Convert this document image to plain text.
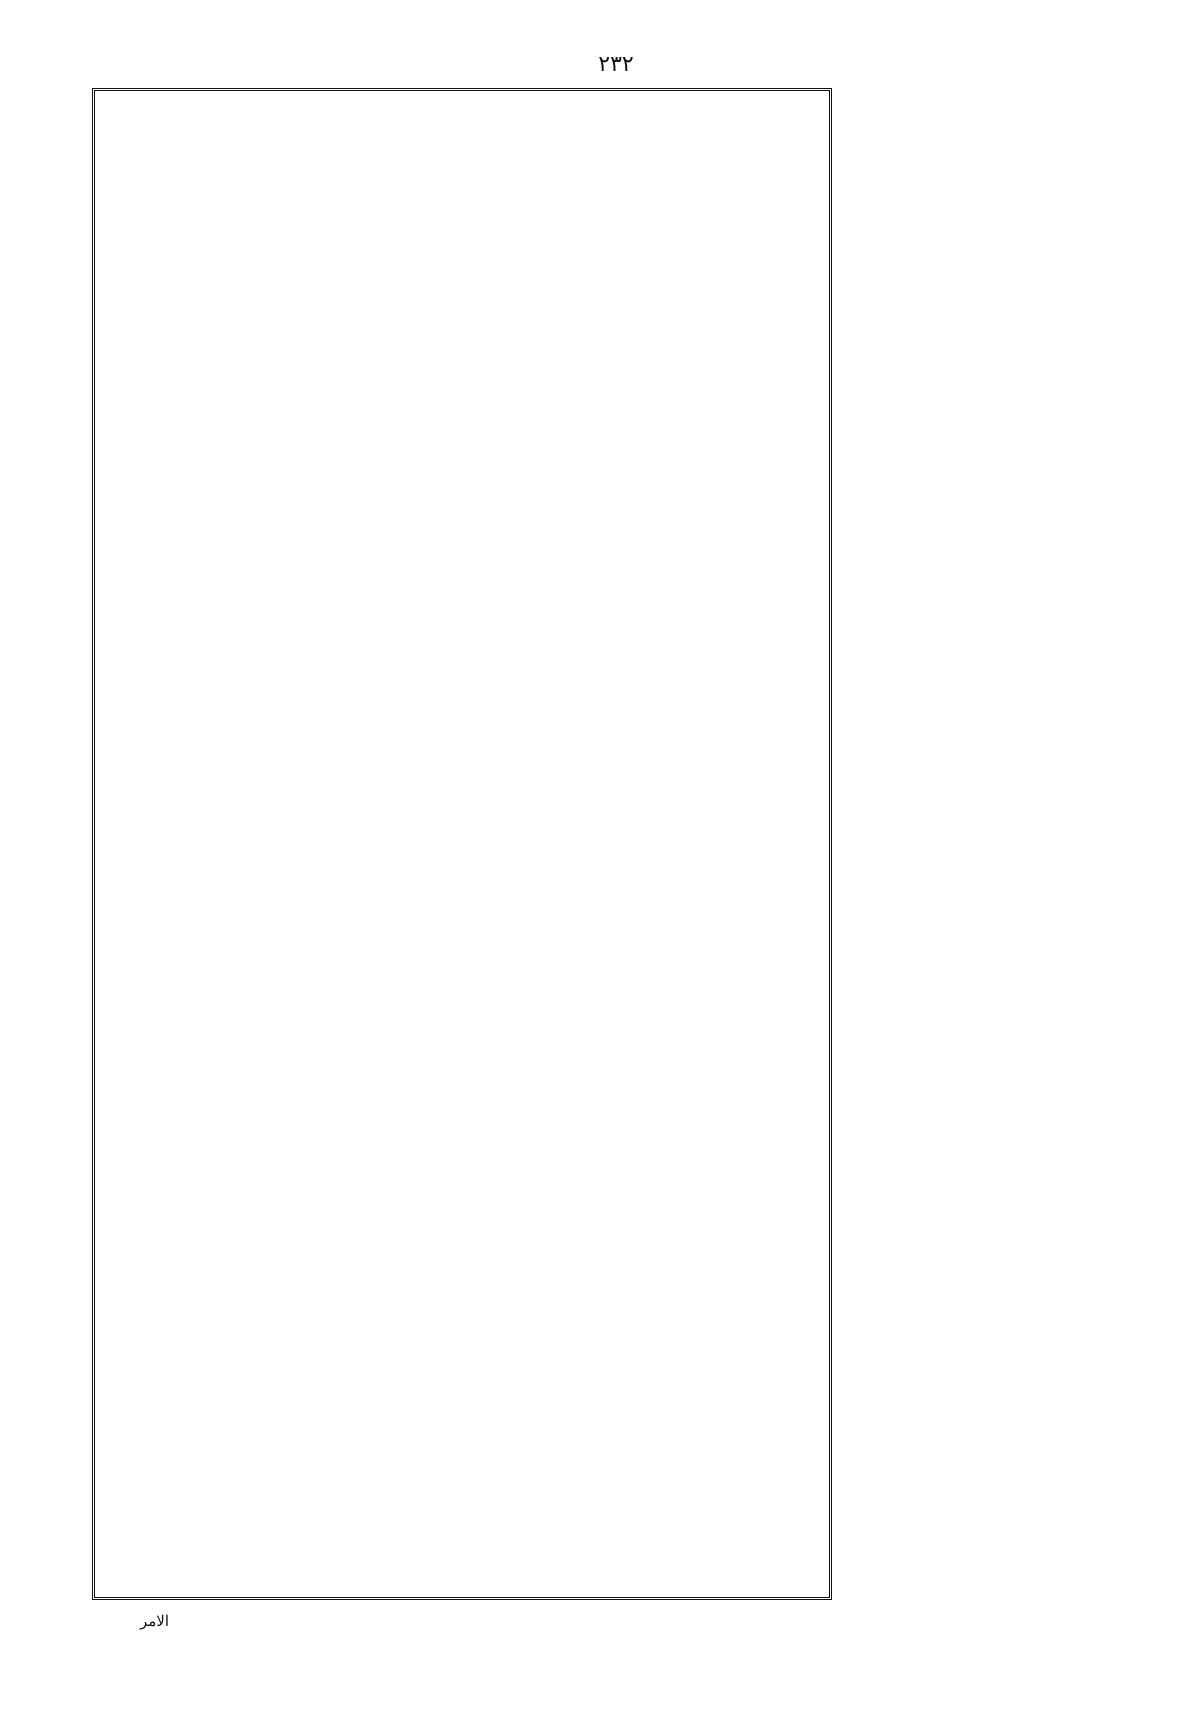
٢٣٢
الامر
